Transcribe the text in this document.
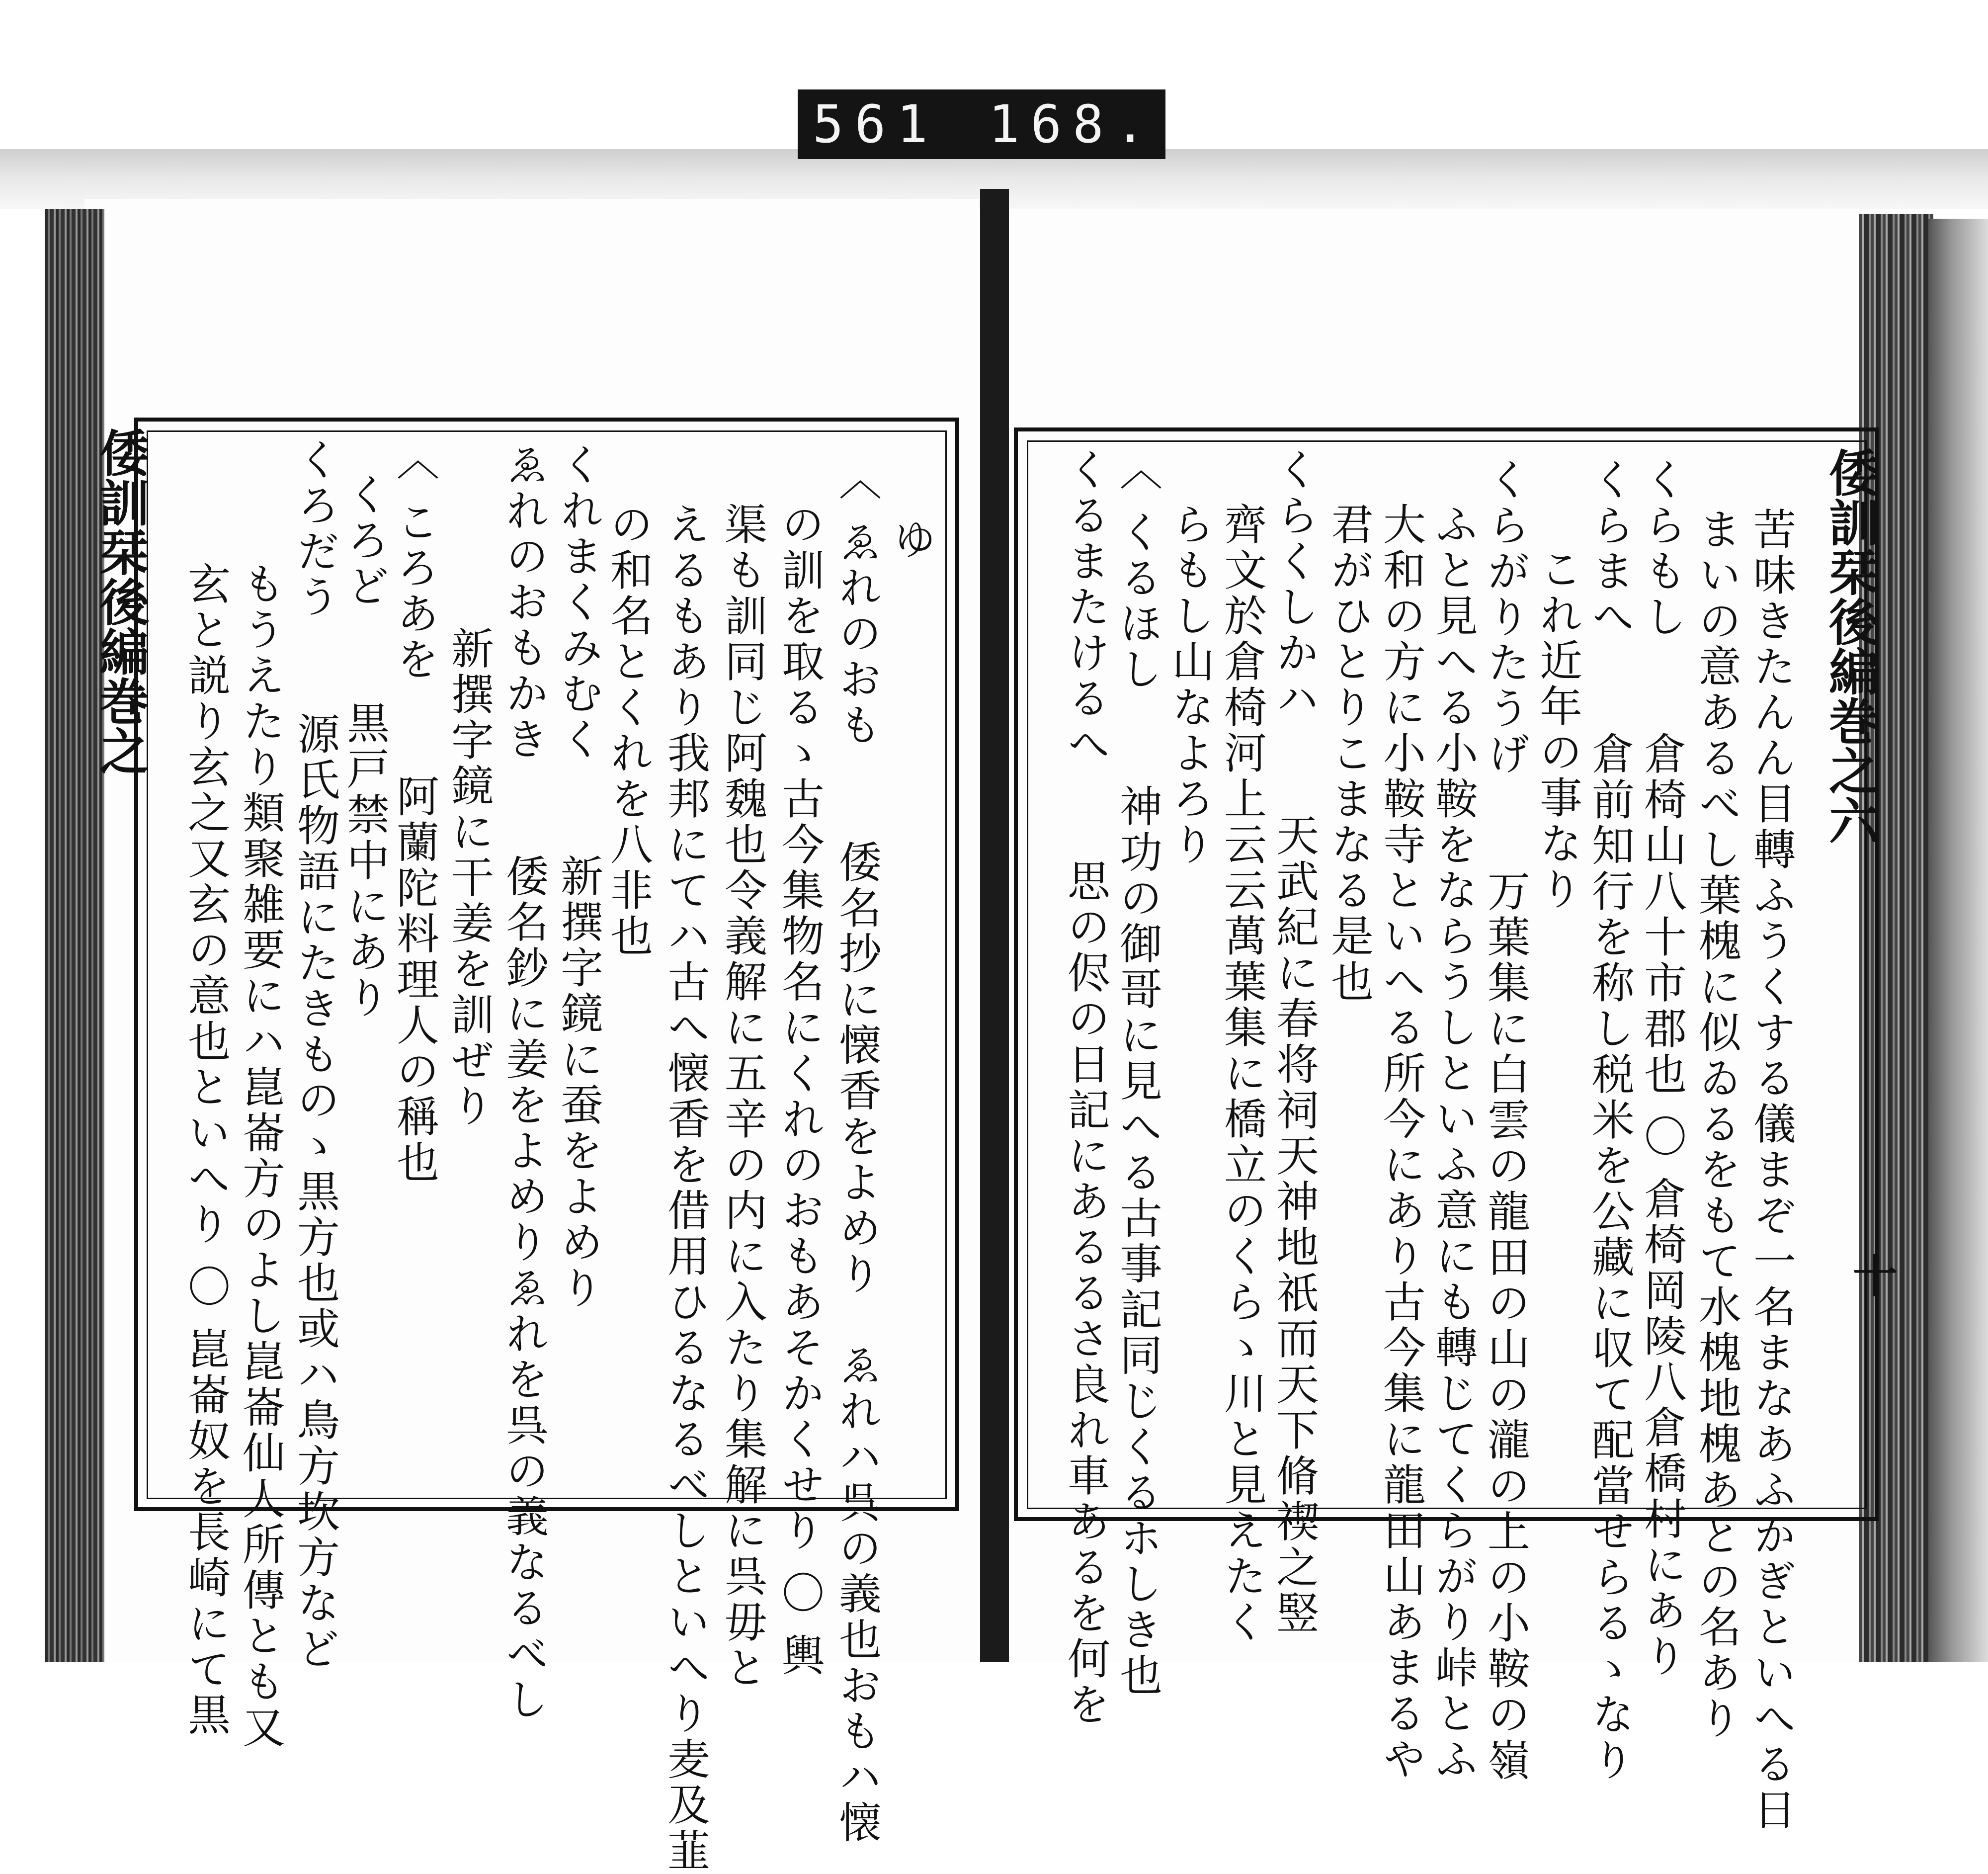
561 168.
倭訓栞後編巻之	倭訓栞後編巻之六
十
ゆ
〈 ゑれのおも　　倭名抄に懐香をよめり　ゑれハ呉の義也おもハ懐
の訓を取るゝ古今集物名にくれのおもあそかくせり 〇 輿
渠も訓同じ阿魏也令義解に五辛の内に入たり集解に呉毋と
えるもあり我邦にてハ古へ懐香を借用ひるなるべしといへり麦及韮
の和名とくれを八非也
くれまくみむく　　新撰字鏡に蚕をよめり
ゑれのおもかき　　倭名鈔に姜をよめりゑれを呉の義なるべし
新撰字鏡に干姜を訓ぜり
〈 ころあを　　阿蘭陀料理人の稱也
くろど　　黒戸禁中にあり
くろだう　　源氏物語にたきものゝ黒方也或ハ鳥方坎方など
もうえたり類聚雑要にハ崑崙方のよし崑崙仙人所傳とも又
玄と説り玄之又玄の意也といへり 〇 崑崙奴を長崎にて黒	苦味きたんん目轉ふうくする儀まぞ一名まなあふかぎといへる日
まいの意あるべし葉槐に似ゐるをもて水槐地槐あとの名あり
くらもし　　倉椅山八十市郡也 〇 倉椅岡陵八倉橋村にあり
くらまへ　　倉前知行を称し税米を公藏に収て配當せらるゝなり
これ近年の事なり
くらがりたうげ　　万葉集に白雲の龍田の山の瀧の上の小鞍の嶺
ふと見へる小鞍をならうしといふ意にも轉じてくらがり峠とふ
大和の方に小鞍寺といへる所今にあり古今集に龍田山あまるや
君がひとりこまなる是也
くらくしかハ　　天武紀に春将祠天神地祇而天下脩禊之竪
齊文於倉椅河上云云萬葉集に橋立のくらゝ川と見えたく
らもし山なよろり
〈 くるほし　　神功の御哥に見へる古事記同じくるホしき也
くるまたけるへ　　思の侭の日記にあるるさ良れ車あるを何を
